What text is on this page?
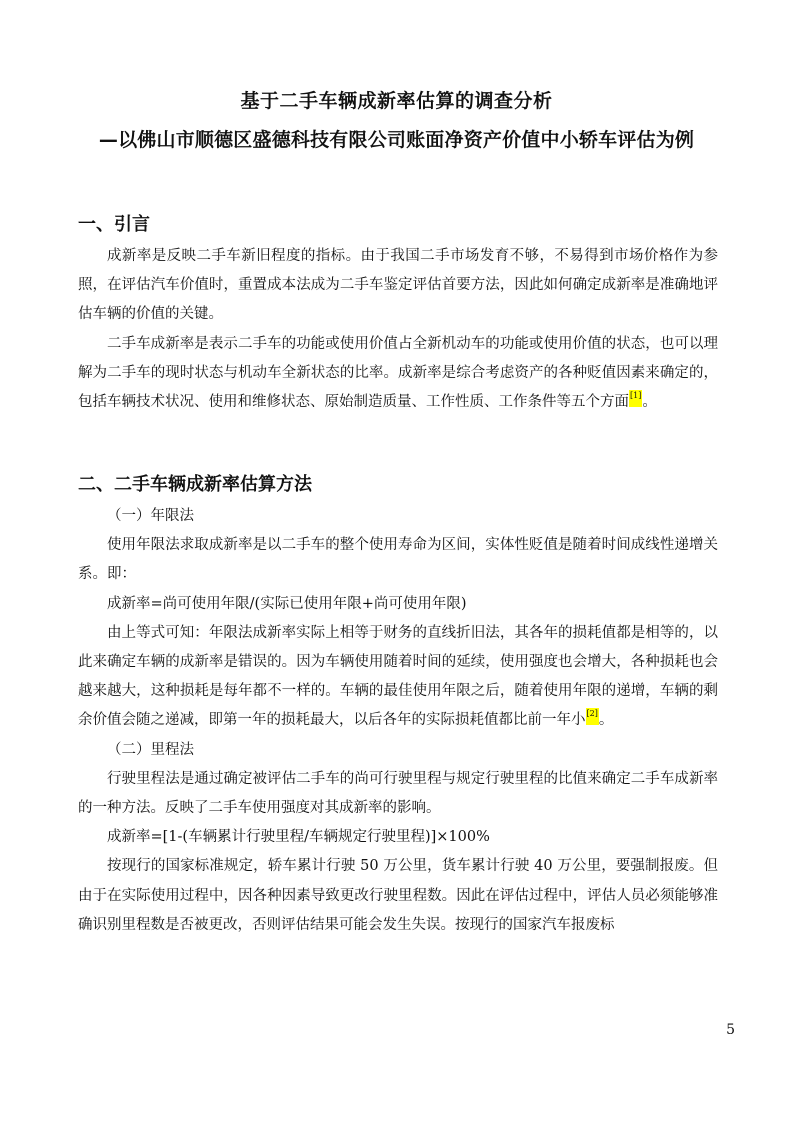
基于二手车辆成新率估算的调查分析
—以佛山市顺德区盛德科技有限公司账面净资产价值中小轿车评估为例
一、引言

成新率是反映二手车新旧程度的指标。由于我国二手市场发育不够，不易得到市场价格作为参照，在评估汽车价值时，重置成本法成为二手车鉴定评估首要方法，因此如何确定成新率是准确地评估车辆的价值的关键。

二手车成新率是表示二手车的功能或使用价值占全新机动车的功能或使用价值的状态，也可以理解为二手车的现时状态与机动车全新状态的比率。成新率是综合考虑资产的各种贬值因素来确定的，包括车辆技术状况、使用和维修状态、原始制造质量、工作性质、工作条件等五个方面[1]。

二、二手车辆成新率估算方法

（一）年限法

使用年限法求取成新率是以二手车的整个使用寿命为区间，实体性贬值是随着时间成线性递增关系。即：

成新率=尚可使用年限/(实际已使用年限+尚可使用年限)

由上等式可知：年限法成新率实际上相等于财务的直线折旧法，其各年的损耗值都是相等的，以此来确定车辆的成新率是错误的。因为车辆使用随着时间的延续，使用强度也会增大，各种损耗也会越来越大，这种损耗是每年都不一样的。车辆的最佳使用年限之后，随着使用年限的递增，车辆的剩余价值会随之递减，即第一年的损耗最大，以后各年的实际损耗值都比前一年小[2]。

（二）里程法

行驶里程法是通过确定被评估二手车的尚可行驶里程与规定行驶里程的比值来确定二手车成新率的一种方法。反映了二手车使用强度对其成新率的影响。

成新率=[1-(车辆累计行驶里程/车辆规定行驶里程)]×100%

按现行的国家标准规定，轿车累计行驶 50 万公里，货车累计行驶 40 万公里，要强制报废。但由于在实际使用过程中，因各种因素导致更改行驶里程数。因此在评估过程中，评估人员必须能够准确识别里程数是否被更改，否则评估结果可能会发生失误。按现行的国家汽车报废标

5
